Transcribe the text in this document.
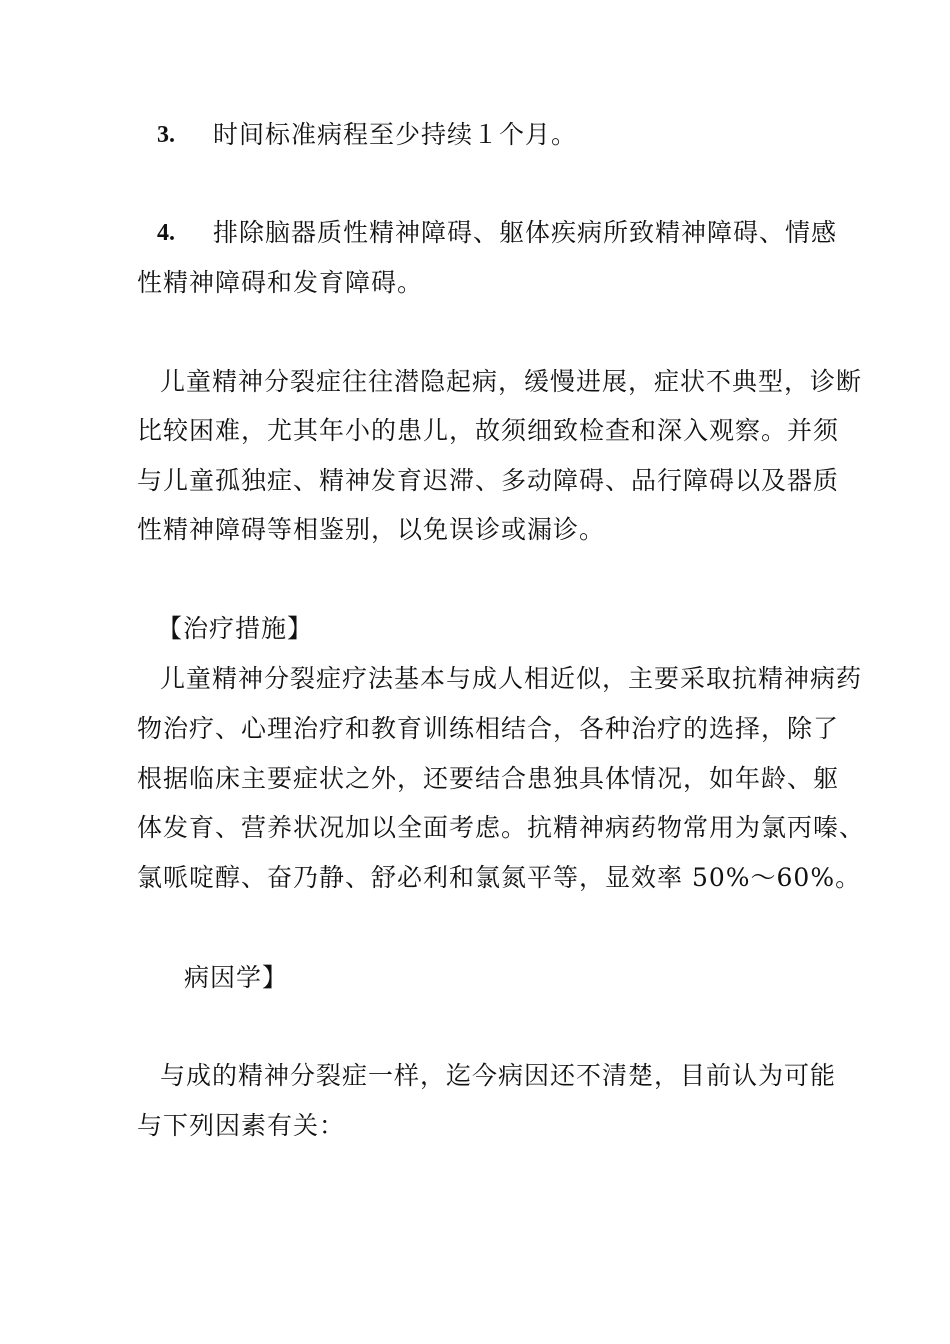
3. 时间标准病程至少持续１个月。
4. 排除脑器质性精神障碍、躯体疾病所致精神障碍、情感
性精神障碍和发育障碍。
儿童精神分裂症往往潜隐起病，缓慢进展，症状不典型，诊断
比较困难，尤其年小的患儿，故须细致检查和深入观察。并须
与儿童孤独症、精神发育迟滞、多动障碍、品行障碍以及器质
性精神障碍等相鉴别，以免误诊或漏诊。
【治疗措施】
儿童精神分裂症疗法基本与成人相近似，主要采取抗精神病药
物治疗、心理治疗和教育训练相结合，各种治疗的选择，除了
根据临床主要症状之外，还要结合患独具体情况，如年龄、躯
体发育、营养状况加以全面考虑。抗精神病药物常用为氯丙嗪、
氯哌啶醇、奋乃静、舒必利和氯氮平等，显效率 50%～60%。
病因学】
与成的精神分裂症一样，迄今病因还不清楚，目前认为可能
与下列因素有关：
